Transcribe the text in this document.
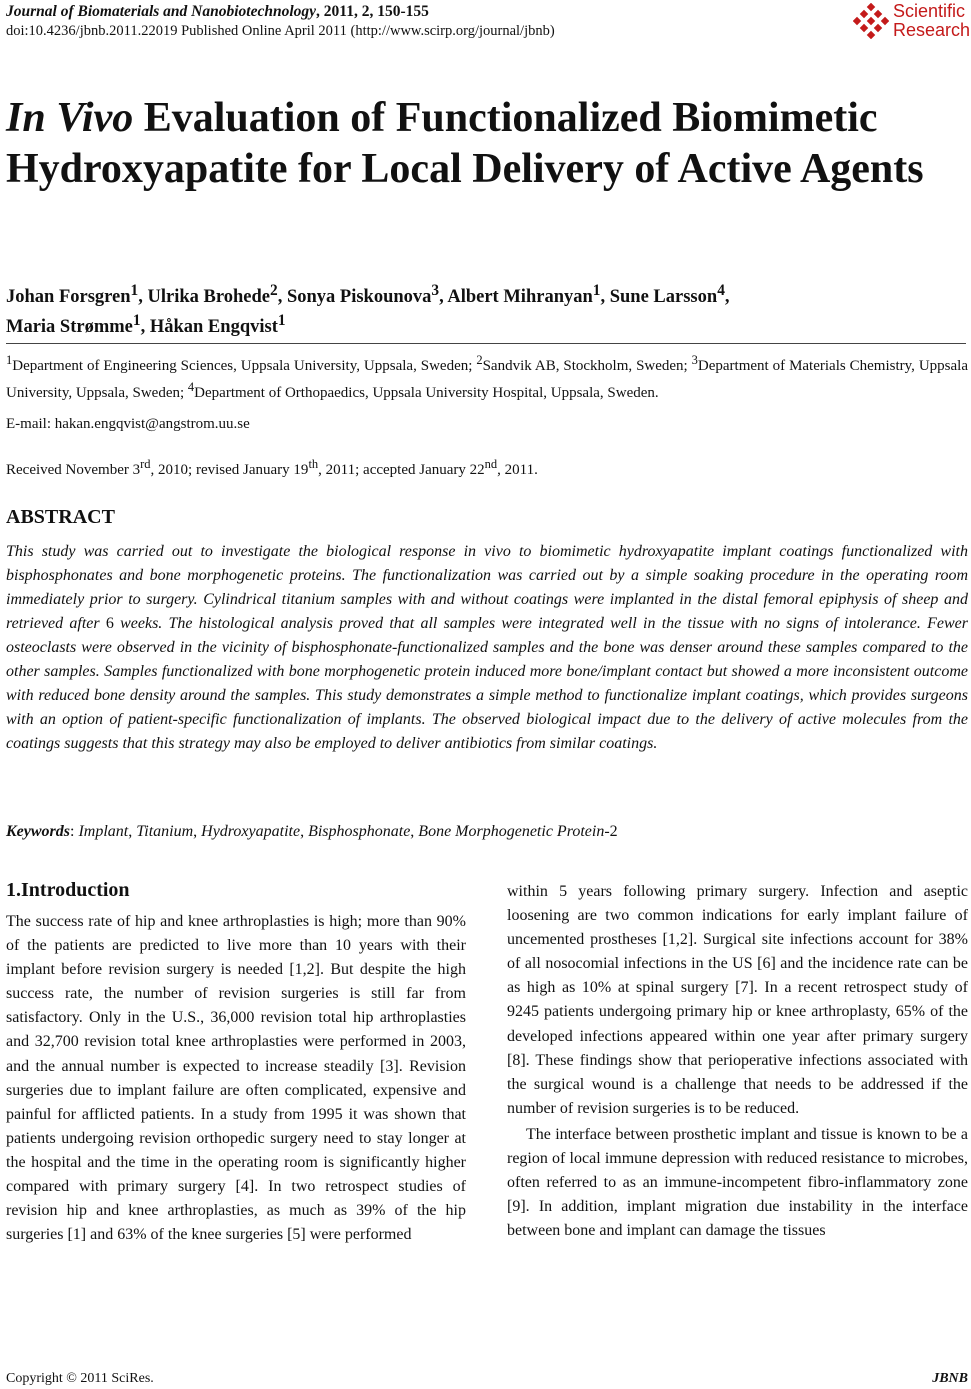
Journal of Biomaterials and Nanobiotechnology, 2011, 2, 150-155
doi:10.4236/jbnb.2011.22019 Published Online April 2011 (http://www.scirp.org/journal/jbnb)
Scientific
Research
In Vivo Evaluation of Functionalized Biomimetic Hydroxyapatite for Local Delivery of Active Agents
Johan Forsgren$^1$, Ulrika Brohede$^2$, Sonya Piskounova$^3$, Albert Mihranyan$^1$, Sune Larsson$^4$,
Maria Strømme$^1$, Håkan Engqvist$^1$
$^1$Department of Engineering Sciences, Uppsala University, Uppsala, Sweden; $^2$Sandvik AB, Stockholm, Sweden; $^3$Department of Materials Chemistry, Uppsala University, Uppsala, Sweden; $^4$Department of Orthopaedics, Uppsala University Hospital, Uppsala, Sweden.
E-mail: hakan.engqvist@angstrom.uu.se
Received November 3rd, 2010; revised January 19th, 2011; accepted January 22nd, 2011.
ABSTRACT

This study was carried out to investigate the biological response in vivo to biomimetic hydroxyapatite implant coatings functionalized with bisphosphonates and bone morphogenetic proteins. The functionalization was carried out by a simple soaking procedure in the operating room immediately prior to surgery. Cylindrical titanium samples with and without coatings were implanted in the distal femoral epiphysis of sheep and retrieved after 6 weeks. The histological analysis proved that all samples were integrated well in the tissue with no signs of intolerance. Fewer osteoclasts were observed in the vicinity of bisphosphonate-functionalized samples and the bone was denser around these samples compared to the other samples. Samples functionalized with bone morphogenetic protein induced more bone/implant contact but showed a more inconsistent outcome with reduced bone density around the samples. This study demonstrates a simple method to functionalize implant coatings, which provides surgeons with an option of patient-specific functionalization of implants. The observed biological impact due to the delivery of active molecules from the coatings suggests that this strategy may also be employed to deliver antibiotics from similar coatings.

Keywords: Implant, Titanium, Hydroxyapatite, Bisphosphonate, Bone Morphogenetic Protein-2
1.Introduction

The success rate of hip and knee arthroplasties is high; more than 90% of the patients are predicted to live more than 10 years with their implant before revision surgery is needed [1,2]. But despite the high success rate, the number of revision surgeries is still far from satisfactory. Only in the U.S., 36,000 revision total hip arthroplasties and 32,700 revision total knee arthroplasties were performed in 2003, and the annual number is expected to increase steadily [3]. Revision surgeries due to implant failure are often complicated, expensive and painful for afflicted patients. In a study from 1995 it was shown that patients undergoing revision orthopedic surgery need to stay longer at the hospital and the time in the operating room is significantly higher compared with primary surgery [4]. In two retrospect studies of revision hip and knee arthroplasties, as much as 39% of the hip surgeries [1] and 63% of the knee surgeries [5] were performed

within 5 years following primary surgery. Infection and aseptic loosening are two common indications for early implant failure of uncemented prostheses [1,2]. Surgical site infections account for 38% of all nosocomial infections in the US [6] and the incidence rate can be as high as 10% at spinal surgery [7]. In a recent retrospect study of 9245 patients undergoing primary hip or knee arthroplasty, 65% of the developed infections appeared within one year after primary surgery [8]. These findings show that perioperative infections associated with the surgical wound is a challenge that needs to be addressed if the number of revision surgeries is to be reduced.

The interface between prosthetic implant and tissue is known to be a region of local immune depression with reduced resistance to microbes, often referred to as an immune-incompetent fibro-inflammatory zone [9]. In addition, implant migration due instability in the interface between bone and implant can damage the tissues

Copyright © 2011 SciRes.	JBNB
